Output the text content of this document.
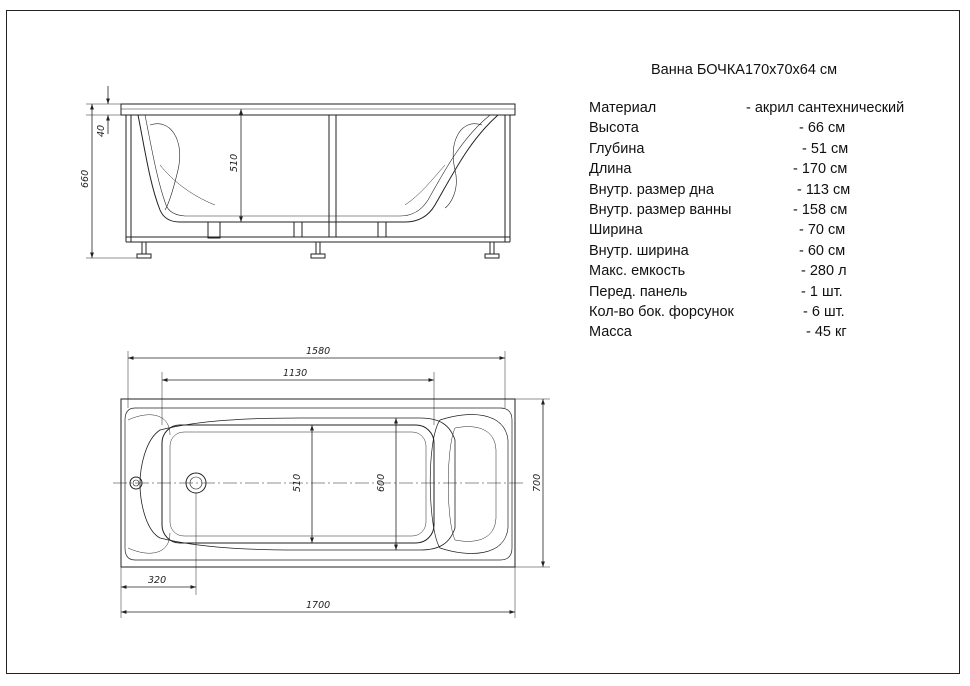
Ванна БОЧКА170x70x64 см
Материал	- акрил сантехнический
Высота	- 66 см
Глубина	- 51 см
Длина	- 170 см
Внутр. размер дна	- 113 см
Внутр. размер ванны	- 158 см
Ширина	- 70 см
Внутр. ширина	- 60 см
Макс. емкость	- 280 л
Перед. панель	- 1 шт.
Кол-во бок. форсунок	- 6 шт.
Масса	- 45 кг
40
660
510
1580
1130
510	600	700
320
1700
